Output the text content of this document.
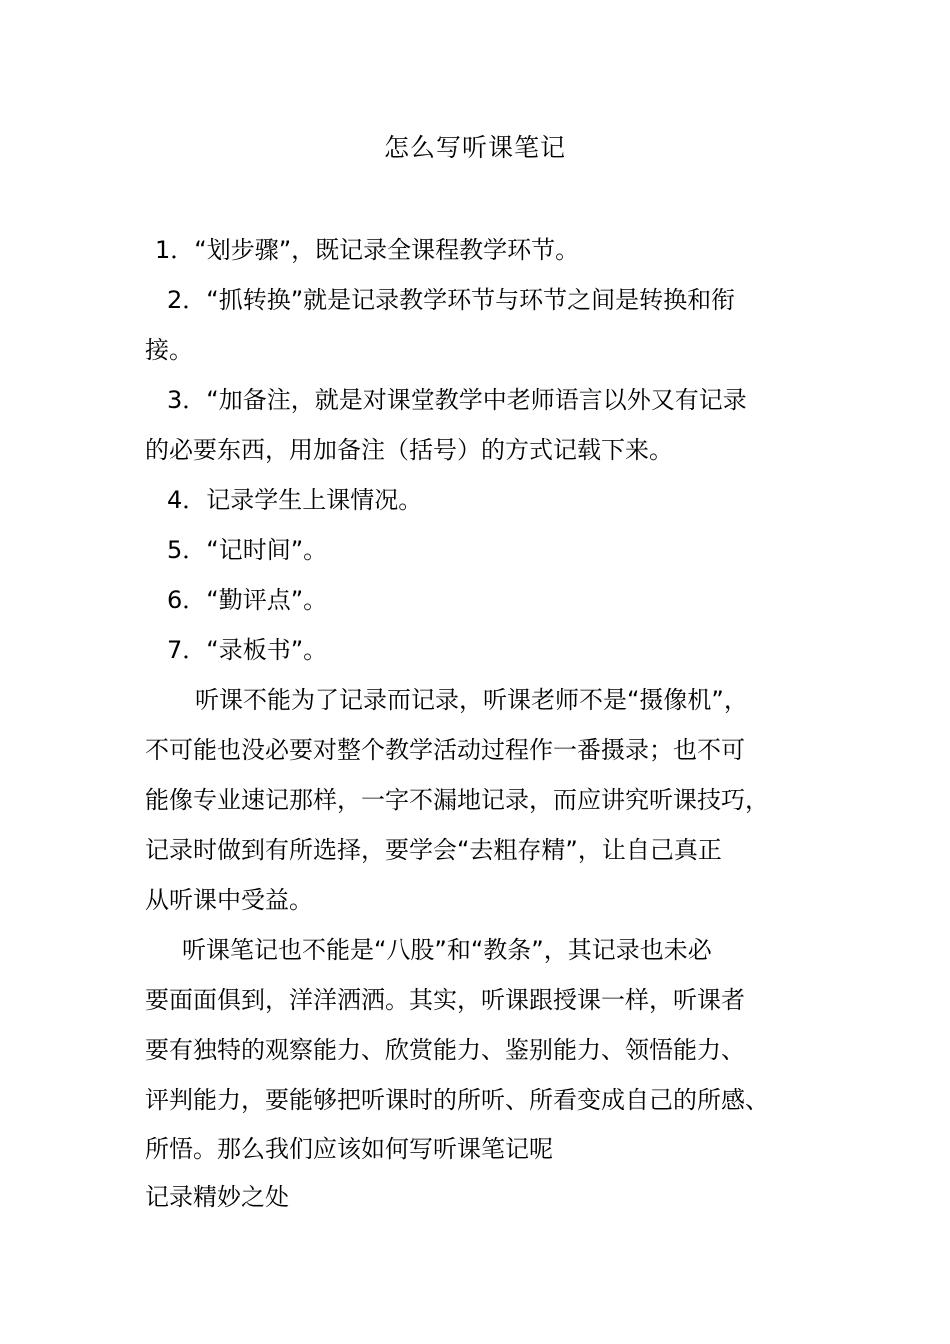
怎么写听课笔记

1．“划步骤”，既记录全课程教学环节。

2．“抓转换”就是记录教学环节与环节之间是转换和衔

接。

3．“加备注，就是对课堂教学中老师语言以外又有记录

的必要东西，用加备注（括号）的方式记载下来。

4．记录学生上课情况。

5．“记时间”。

6．“勤评点”。

7．“录板书”。

听课不能为了记录而记录，听课老师不是“摄像机”，

不可能也没必要对整个教学活动过程作一番摄录；也不可

能像专业速记那样，一字不漏地记录，而应讲究听课技巧，

记录时做到有所选择，要学会“去粗存精”，让自己真正

从听课中受益。

听课笔记也不能是“八股”和“教条”，其记录也未必

要面面俱到，洋洋洒洒。其实，听课跟授课一样，听课者

要有独特的观察能力、欣赏能力、鉴别能力、领悟能力、

评判能力，要能够把听课时的所听、所看变成自己的所感、

所悟。那么我们应该如何写听课笔记呢

记录精妙之处
